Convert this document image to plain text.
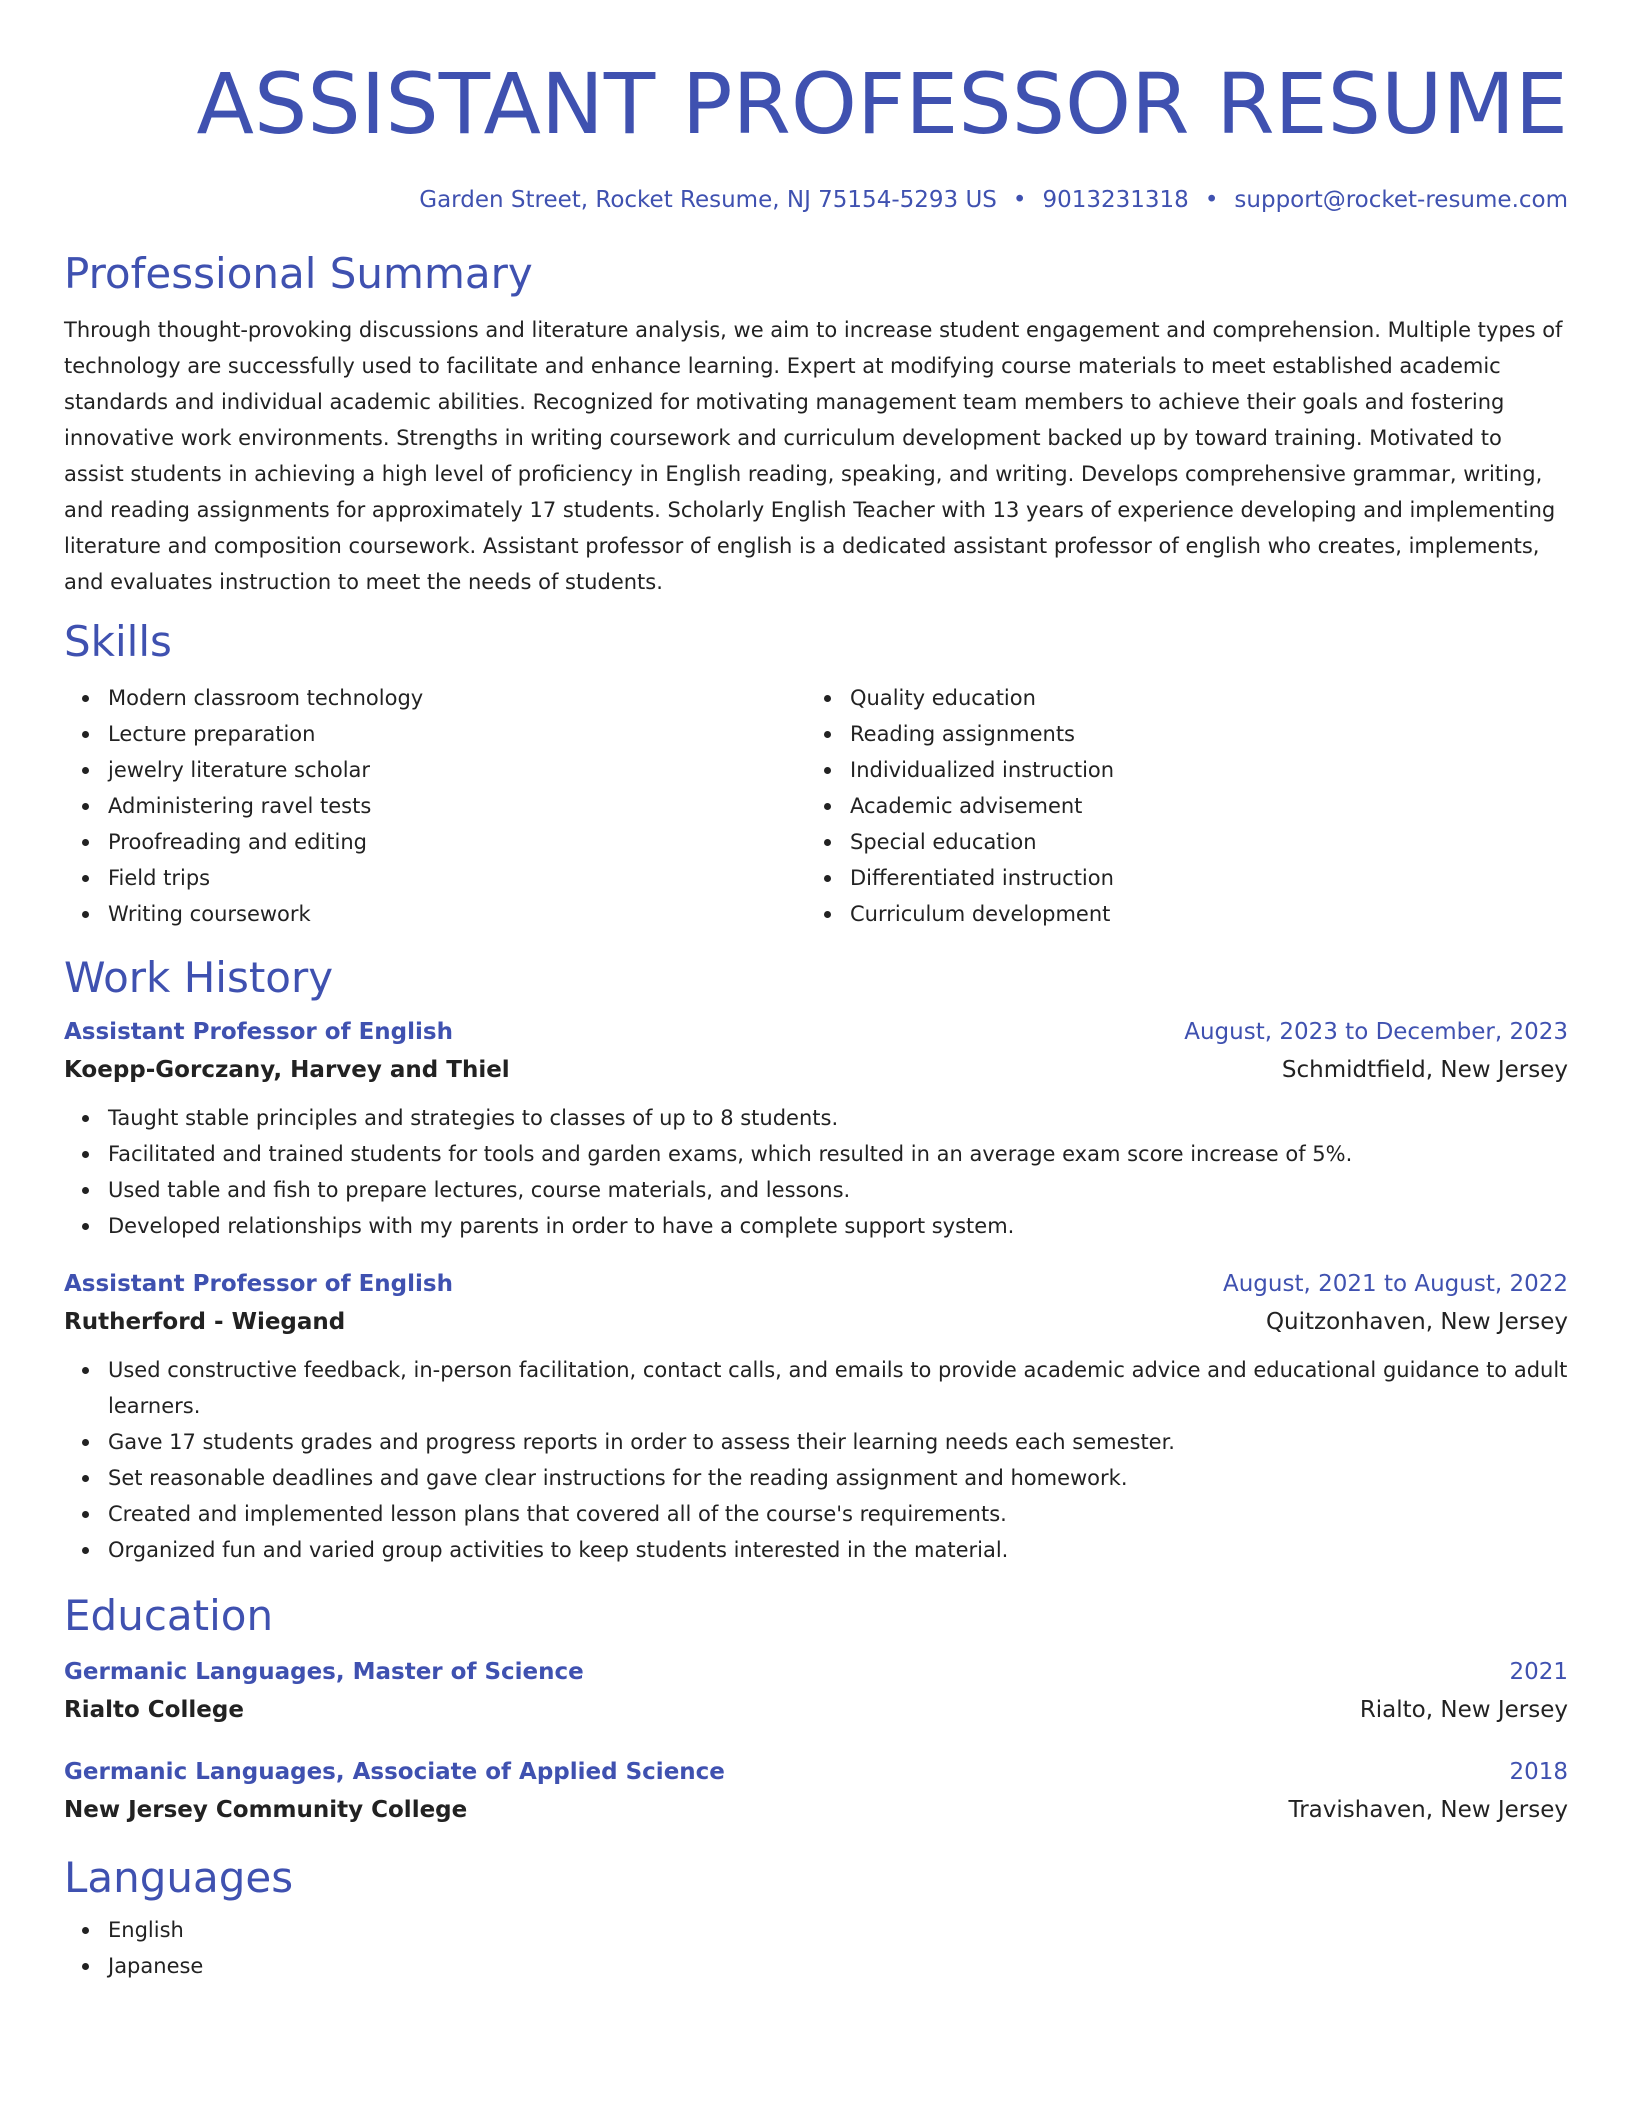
ASSISTANT PROFESSOR RESUME
Garden Street, Rocket Resume, NJ 75154-5293 US • 9013231318 • support@rocket-resume.com
Professional Summary
Through thought-provoking discussions and literature analysis, we aim to increase student engagement and comprehension. Multiple types of technology are successfully used to facilitate and enhance learning. Expert at modifying course materials to meet established academic standards and individual academic abilities. Recognized for motivating management team members to achieve their goals and fostering innovative work environments. Strengths in writing coursework and curriculum development backed up by toward training. Motivated to assist students in achieving a high level of proficiency in English reading, speaking, and writing. Develops comprehensive grammar, writing, and reading assignments for approximately 17 students. Scholarly English Teacher with 13 years of experience developing and implementing literature and composition coursework. Assistant professor of english is a dedicated assistant professor of english who creates, implements, and evaluates instruction to meet the needs of students.
Skills
Modern classroom technology
Lecture preparation
jewelry literature scholar
Administering ravel tests
Proofreading and editing
Field trips
Writing coursework
Quality education
Reading assignments
Individualized instruction
Academic advisement
Special education
Differentiated instruction
Curriculum development
Work History
Assistant Professor of English	August, 2023 to December, 2023
Koepp-Gorczany, Harvey and Thiel	Schmidtfield, New Jersey
Taught stable principles and strategies to classes of up to 8 students.
Facilitated and trained students for tools and garden exams, which resulted in an average exam score increase of 5%.
Used table and fish to prepare lectures, course materials, and lessons.
Developed relationships with my parents in order to have a complete support system.
Assistant Professor of English	August, 2021 to August, 2022
Rutherford - Wiegand	Quitzonhaven, New Jersey
Used constructive feedback, in-person facilitation, contact calls, and emails to provide academic advice and educational guidance to adult learners.
Gave 17 students grades and progress reports in order to assess their learning needs each semester.
Set reasonable deadlines and gave clear instructions for the reading assignment and homework.
Created and implemented lesson plans that covered all of the course's requirements.
Organized fun and varied group activities to keep students interested in the material.
Education
Germanic Languages, Master of Science	2021
Rialto College	Rialto, New Jersey
Germanic Languages, Associate of Applied Science	2018
New Jersey Community College	Travishaven, New Jersey
Languages
English
Japanese
